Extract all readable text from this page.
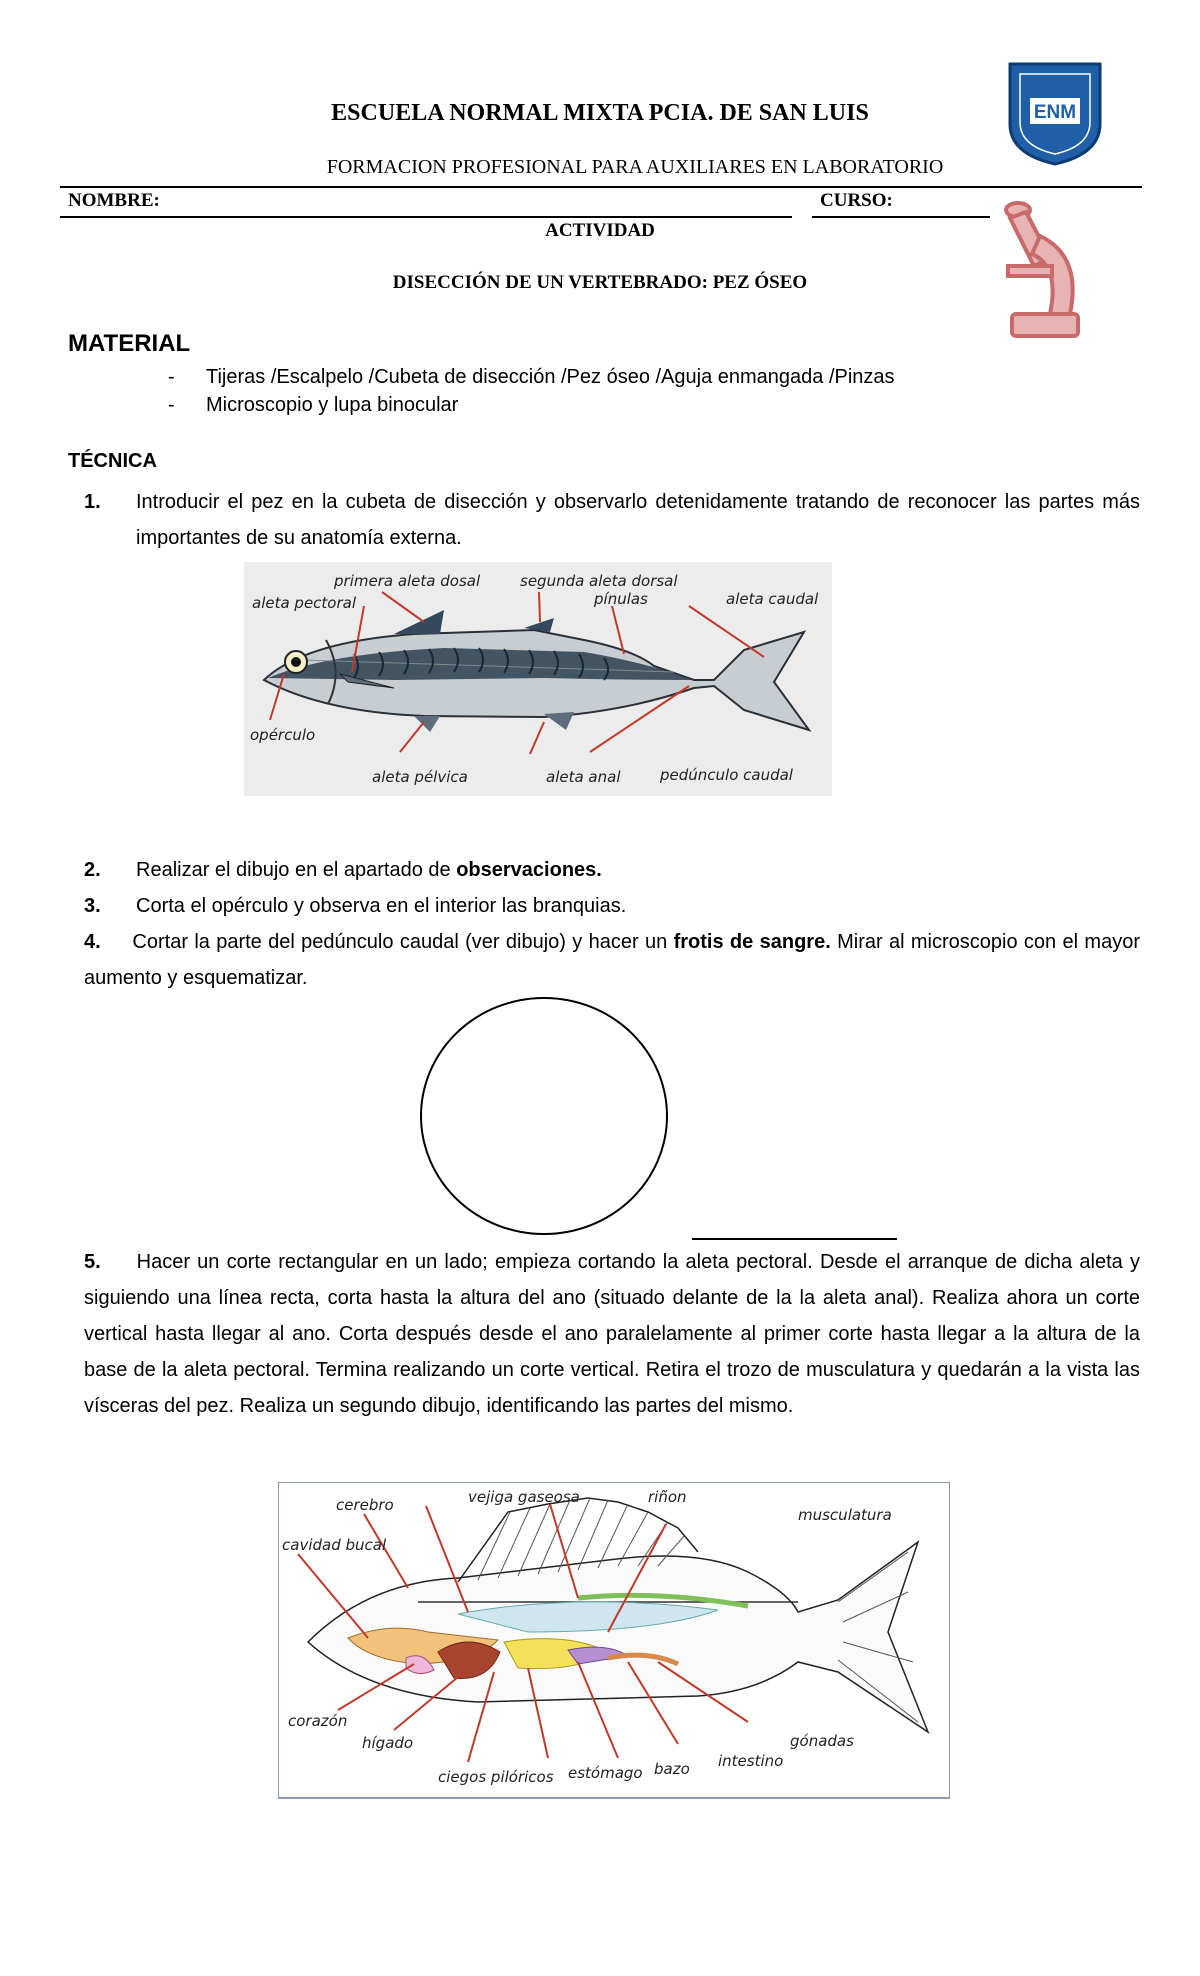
ESCUELA NORMAL MIXTA PCIA. DE SAN LUIS	ENM
FORMACION PROFESIONAL PARA AUXILIARES EN LABORATORIO
NOMBRE:	CURSO:
ACTIVIDAD
DISECCIÓN DE UN VERTEBRADO: PEZ ÓSEO
MATERIAL
- Tijeras /Escalpelo /Cubeta de disección /Pez óseo /Aguja enmangada /Pinzas
- Microscopio y lupa binocular
TÉCNICA
1. Introducir el pez en la cubeta de disección y observarlo detenidamente tratando de reconocer las partes más importantes de su anatomía externa.
primera aleta dosal	segunda aleta dorsal
aleta pectoral	pínulas	aleta caudal
opérculo
aleta pélvica	aleta anal	pedúnculo caudal
2. Realizar el dibujo en el apartado de observaciones.
3. Corta el opérculo y observa en el interior las branquias.
4. Cortar la parte del pedúnculo caudal (ver dibujo) y hacer un frotis de sangre. Mirar al microscopio con el mayor aumento y esquematizar.
5. Hacer un corte rectangular en un lado; empieza cortando la aleta pectoral. Desde el arranque de dicha aleta y siguiendo una línea recta, corta hasta la altura del ano (situado delante de la la aleta anal). Realiza ahora un corte vertical hasta llegar al ano. Corta después desde el ano paralelamente al primer corte hasta llegar a la altura de la base de la aleta pectoral. Termina realizando un corte vertical. Retira el trozo de musculatura y quedarán a la vista las vísceras del pez. Realiza un segundo dibujo, identificando las partes del mismo.
cerebro	vejiga gaseosa	riñon
musculatura
cavidad bucal
corazón
hígado
ciegos pilóricos estómago bazo intestino
gónadas
